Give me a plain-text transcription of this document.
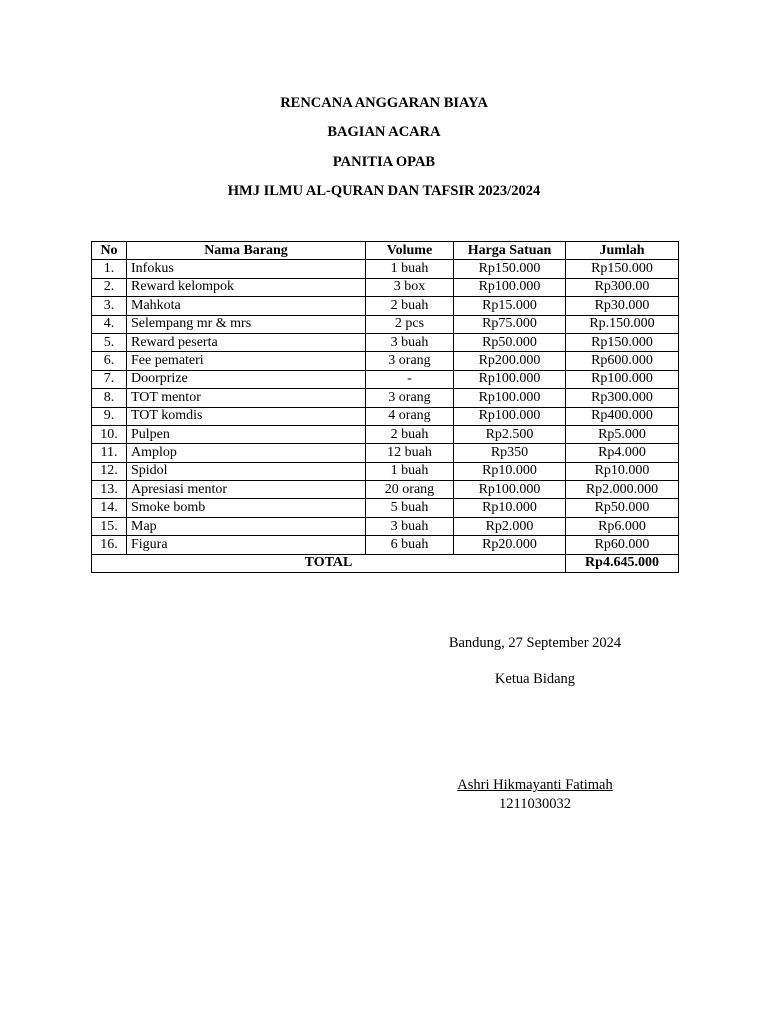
RENCANA ANGGARAN BIAYA

BAGIAN ACARA

PANITIA OPAB

HMJ ILMU AL-QURAN DAN TAFSIR 2023/2024

No	Nama Barang	Volume	Harga Satuan	Jumlah
1.	Infokus	1 buah	Rp150.000	Rp150.000
2.	Reward kelompok	3 box	Rp100.000	Rp300.00
3.	Mahkota	2 buah	Rp15.000	Rp30.000
4.	Selempang mr & mrs	2 pcs	Rp75.000	Rp.150.000
5.	Reward peserta	3 buah	Rp50.000	Rp150.000
6.	Fee pemateri	3 orang	Rp200.000	Rp600.000
7.	Doorprize	-	Rp100.000	Rp100.000
8.	TOT mentor	3 orang	Rp100.000	Rp300.000
9.	TOT komdis	4 orang	Rp100.000	Rp400.000
10.	Pulpen	2 buah	Rp2.500	Rp5.000
11.	Amplop	12 buah	Rp350	Rp4.000
12.	Spidol	1 buah	Rp10.000	Rp10.000
13.	Apresiasi mentor	20 orang	Rp100.000	Rp2.000.000
14.	Smoke bomb	5 buah	Rp10.000	Rp50.000
15.	Map	3 buah	Rp2.000	Rp6.000
16.	Figura	6 buah	Rp20.000	Rp60.000
TOTAL				Rp4.645.000

Bandung, 27 September 2024

Ketua Bidang

Ashri Hikmayanti Fatimah

1211030032
